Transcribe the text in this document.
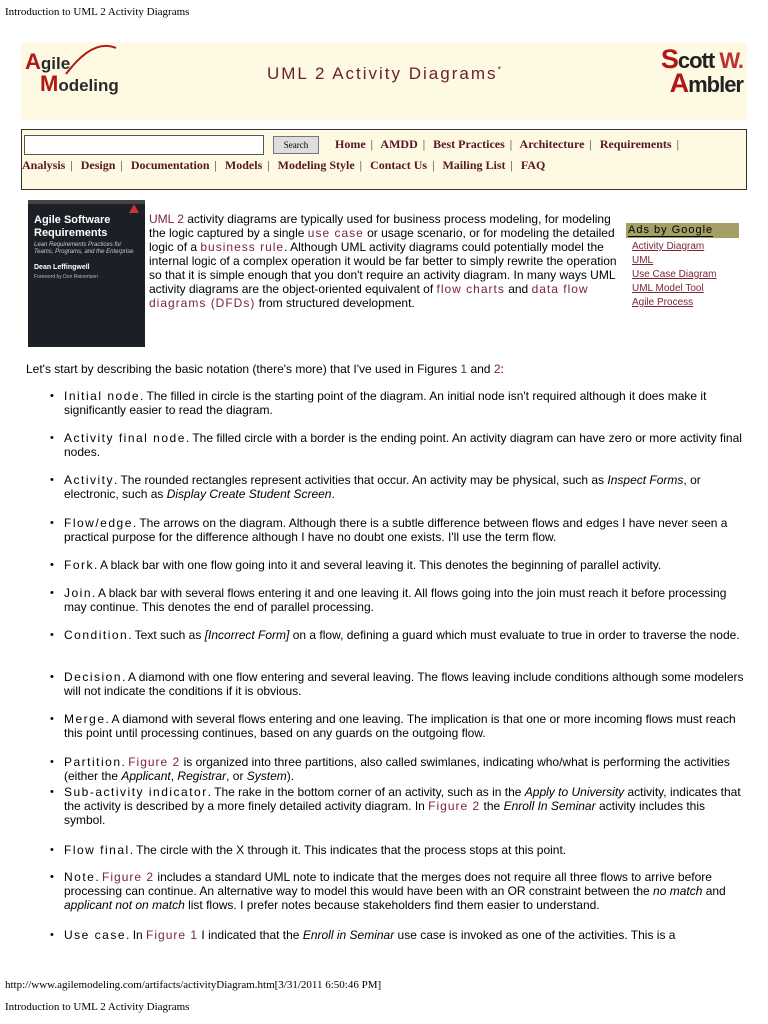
Introduction to UML 2 Activity Diagrams
Agile
Modeling
UML 2 Activity Diagrams*	Scott W.
Ambler
Search	Home | AMDD | Best Practices | Architecture | Requirements |
Analysis | Design | Documentation | Models | Modeling Style | Contact Us | Mailing List | FAQ
Agile Software
Requirements
Lean Requirements Practices for Teams, Programs, and the Enterprise
Dean Leffingwell
Foreword by Don Reinertsen
UML 2 activity diagrams are typically used for business process modeling, for modeling the logic captured by a single use case or usage scenario, or for modeling the detailed logic of a business rule. Although UML activity diagrams could potentially model the internal logic of a complex operation it would be far better to simply rewrite the operation so that it is simple enough that you don't require an activity diagram. In many ways UML activity diagrams are the object-oriented equivalent of flow charts and data flow diagrams (DFDs) from structured development.
Ads by Google
Activity Diagram
UML
Use Case Diagram
UML Model Tool
Agile Process
Let's start by describing the basic notation (there's more) that I've used in Figures 1 and 2:
• Initial node. The filled in circle is the starting point of the diagram. An initial node isn't required although it does make it significantly easier to read the diagram.
• Activity final node. The filled circle with a border is the ending point. An activity diagram can have zero or more activity final nodes.
• Activity. The rounded rectangles represent activities that occur. An activity may be physical, such as Inspect Forms, or electronic, such as Display Create Student Screen.
• Flow/edge. The arrows on the diagram. Although there is a subtle difference between flows and edges I have never seen a practical purpose for the difference although I have no doubt one exists. I'll use the term flow.
• Fork. A black bar with one flow going into it and several leaving it. This denotes the beginning of parallel activity.
• Join. A black bar with several flows entering it and one leaving it. All flows going into the join must reach it before processing may continue. This denotes the end of parallel processing.
• Condition. Text such as [Incorrect Form] on a flow, defining a guard which must evaluate to true in order to traverse the node.
• Decision. A diamond with one flow entering and several leaving. The flows leaving include conditions although some modelers will not indicate the conditions if it is obvious.
• Merge. A diamond with several flows entering and one leaving. The implication is that one or more incoming flows must reach this point until processing continues, based on any guards on the outgoing flow.
• Partition. Figure 2 is organized into three partitions, also called swimlanes, indicating who/what is performing the activities (either the Applicant, Registrar, or System).
• Sub-activity indicator. The rake in the bottom corner of an activity, such as in the Apply to University activity, indicates that the activity is described by a more finely detailed activity diagram. In Figure 2 the Enroll In Seminar activity includes this symbol.
• Flow final. The circle with the X through it. This indicates that the process stops at this point.
• Note. Figure 2 includes a standard UML note to indicate that the merges does not require all three flows to arrive before processing can continue. An alternative way to model this would have been with an OR constraint between the no match and applicant not on match list flows. I prefer notes because stakeholders find them easier to understand.
• Use case. In Figure 1 I indicated that the Enroll in Seminar use case is invoked as one of the activities. This is a
http://www.agilemodeling.com/artifacts/activityDiagram.htm[3/31/2011 6:50:46 PM]
Introduction to UML 2 Activity Diagrams
